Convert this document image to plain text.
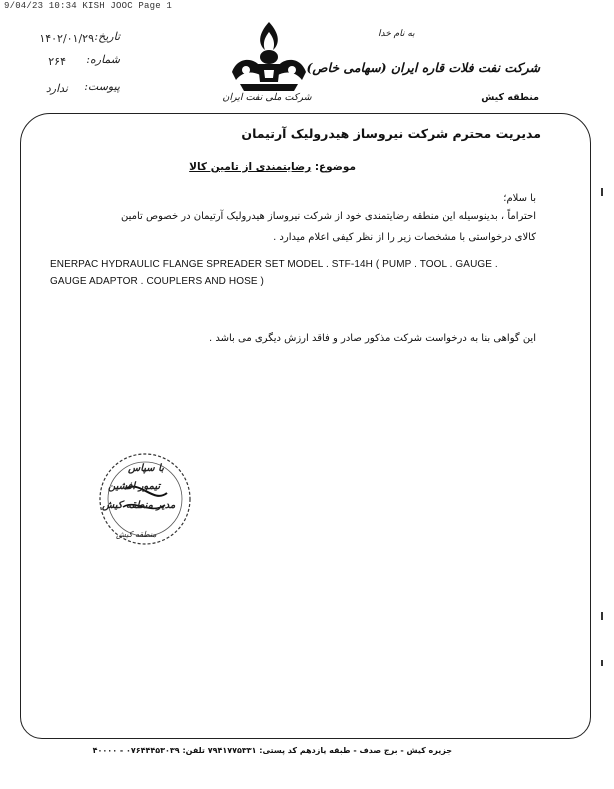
9/04/23 10:34 KISH JOOC Page 1
تاریخ:
۱۴۰۲/۰۱/۲۹
شماره:
۲۶۴
پیوست:
ندارد
شرکت ملی نفت ایران
به نام خدا
شرکت نفت فلات قاره ایران (سهامی خاص)
منطقه کیش
مدیریت محترم شرکت نیروساز هیدرولیک آرتیمان
موضوع: رضایتمندی از تامین کالا
با سلام؛
احتراماً ، بدینوسیله این منطقه رضایتمندی خود از شرکت نیروساز هیدرولیک آرتیمان در خصوص تامین
کالای درخواستی با مشخصات زیر را از نظر کیفی اعلام میدارد .
ENERPAC HYDRAULIC FLANGE SPREADER SET MODEL . STF-14H ( PUMP . TOOL . GAUGE .
GAUGE ADAPTOR . COUPLERS AND HOSE )
این گواهی بنا به درخواست شرکت مذکور صادر و فاقد ارزش دیگری می باشد .
با سپاس
تیمور افشین
مدیر منطقه کیش
منطقه کیش
جزیره کیش - برج صدف - طبقه یازدهم کد پستی: ۷۹۴۱۷۷۵۳۳۱ تلفن: ۰۷۶۴۴۴۵۳۰۳۹ - ۴۰۰۰۰
